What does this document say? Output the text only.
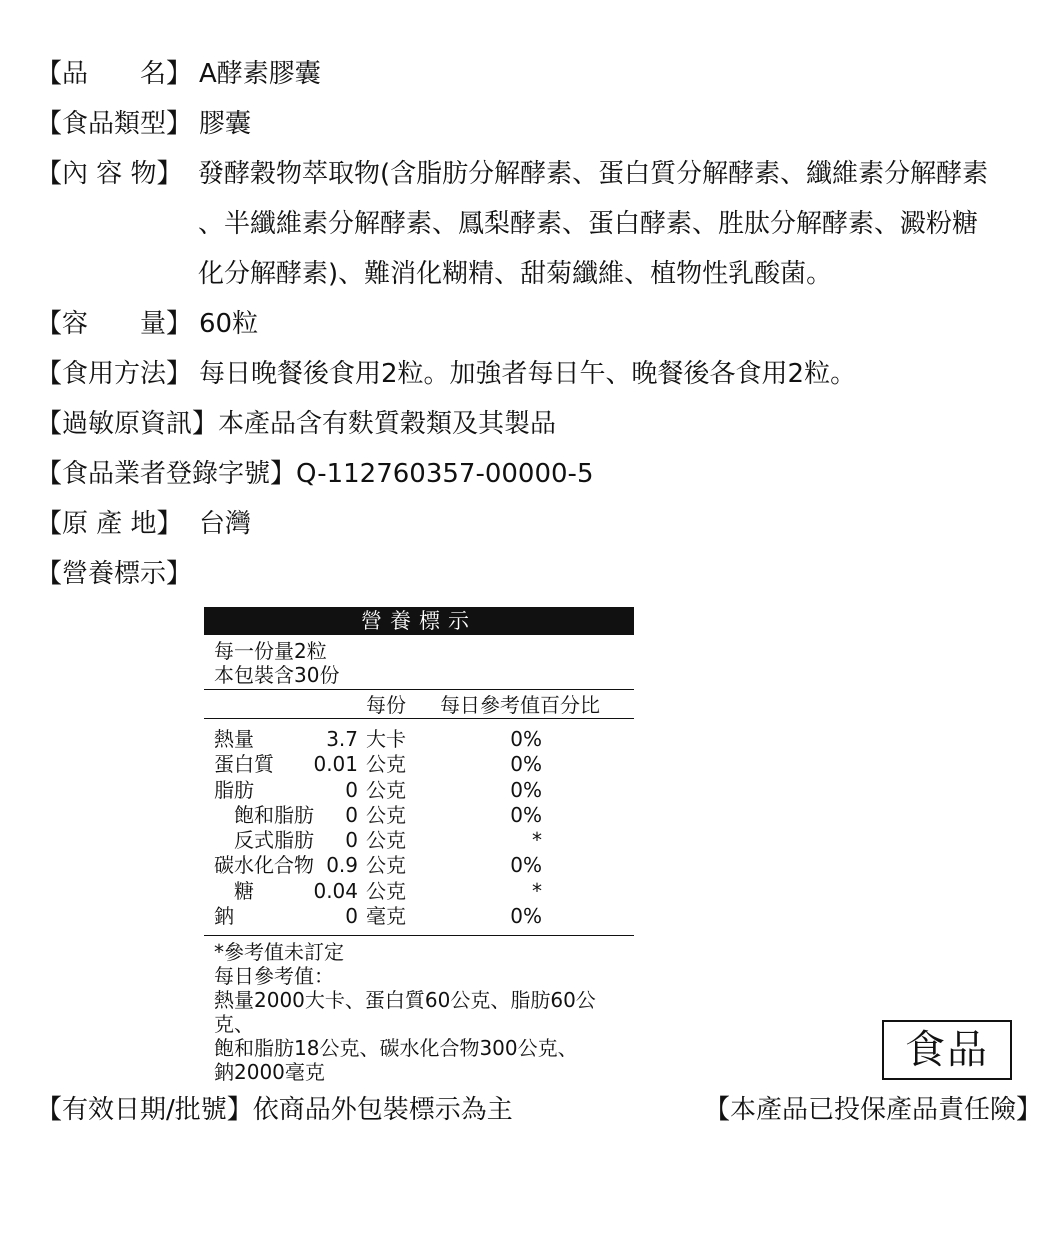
【品　　名】 A酵素膠囊
【食品類型】 膠囊
【內 容 物】 發酵穀物萃取物(含脂肪分解酵素、蛋白質分解酵素、纖維素分解酵素
、半纖維素分解酵素、鳳梨酵素、蛋白酵素、胜肽分解酵素、澱粉糖
化分解酵素)、難消化糊精、甜菊纖維、植物性乳酸菌。
【容　　量】 60粒
【食用方法】 每日晚餐後食用2粒。加強者每日午、晚餐後各食用2粒。
【過敏原資訊】本產品含有麩質穀類及其製品
【食品業者登錄字號】Q-112760357-00000-5
【原 產 地】 台灣
【營養標示】
營養標示
每一份量2粒
本包裝含30份
每份 每日參考值百分比
熱量	3.7 大卡	0%
蛋白質 0.01 公克	0%
脂肪	0 公克	0%
飽和脂肪 0 公克	0%
反式脂肪 0 公克	*
碳水化合物 0.9 公克	0%
糖	0.04 公克	*
鈉	0 毫克	0%
*參考值未訂定
每日參考值：
熱量2000大卡、蛋白質60公克、脂肪60公克、
飽和脂肪18公克、碳水化合物300公克、
鈉2000毫克	食品
【有效日期/批號】依商品外包裝標示為主	【本產品已投保產品責任險】
